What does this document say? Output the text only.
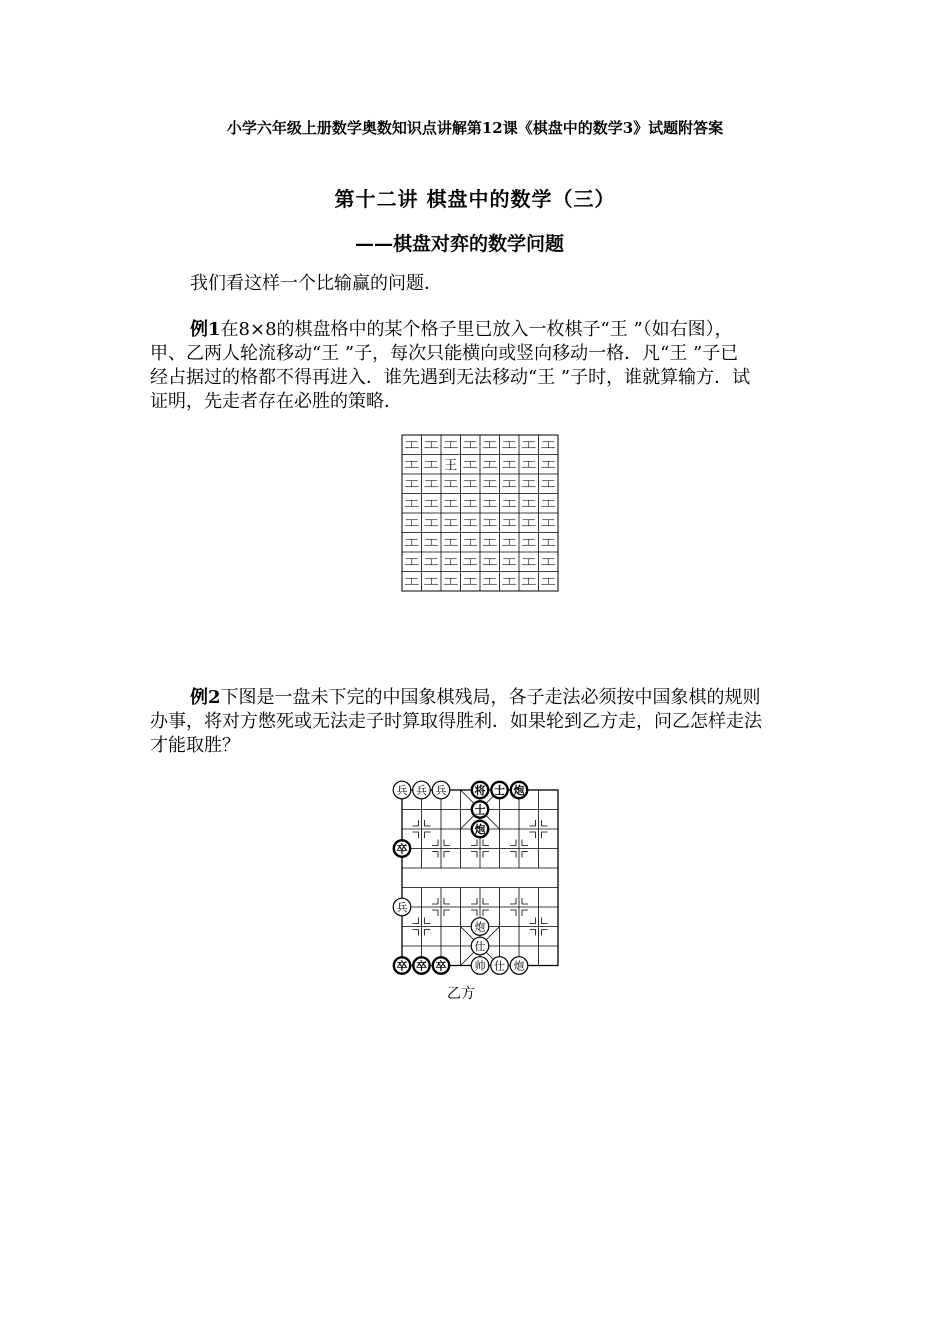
小学六年级上册数学奥数知识点讲解第12课《棋盘中的数学3》试题附答案
第十二讲 棋盘中的数学（三）
——棋盘对弈的数学问题
我们看这样一个比输赢的问题．

例1在8×8的棋盘格中的某个格子里已放入一枚棋子“王 ”（如右图），

甲、乙两人轮流移动“王 ”子，每次只能横向或竖向移动一格．凡“王 ”子已

经占据过的格都不得再进入．谁先遇到无法移动“王 ”子时，谁就算输方．试

证明，先走者存在必胜的策略．

王

例2下图是一盘未下完的中国象棋残局，各子走法必须按中国象棋的规则

办事，将对方憋死或无法走子时算取得胜利．如果轮到乙方走，问乙怎样走法

才能取胜？

兵 兵 兵	将 士 炮
士
炮
卒
兵
炮
仕
卒 卒 卒	帅 仕 炮
乙方
